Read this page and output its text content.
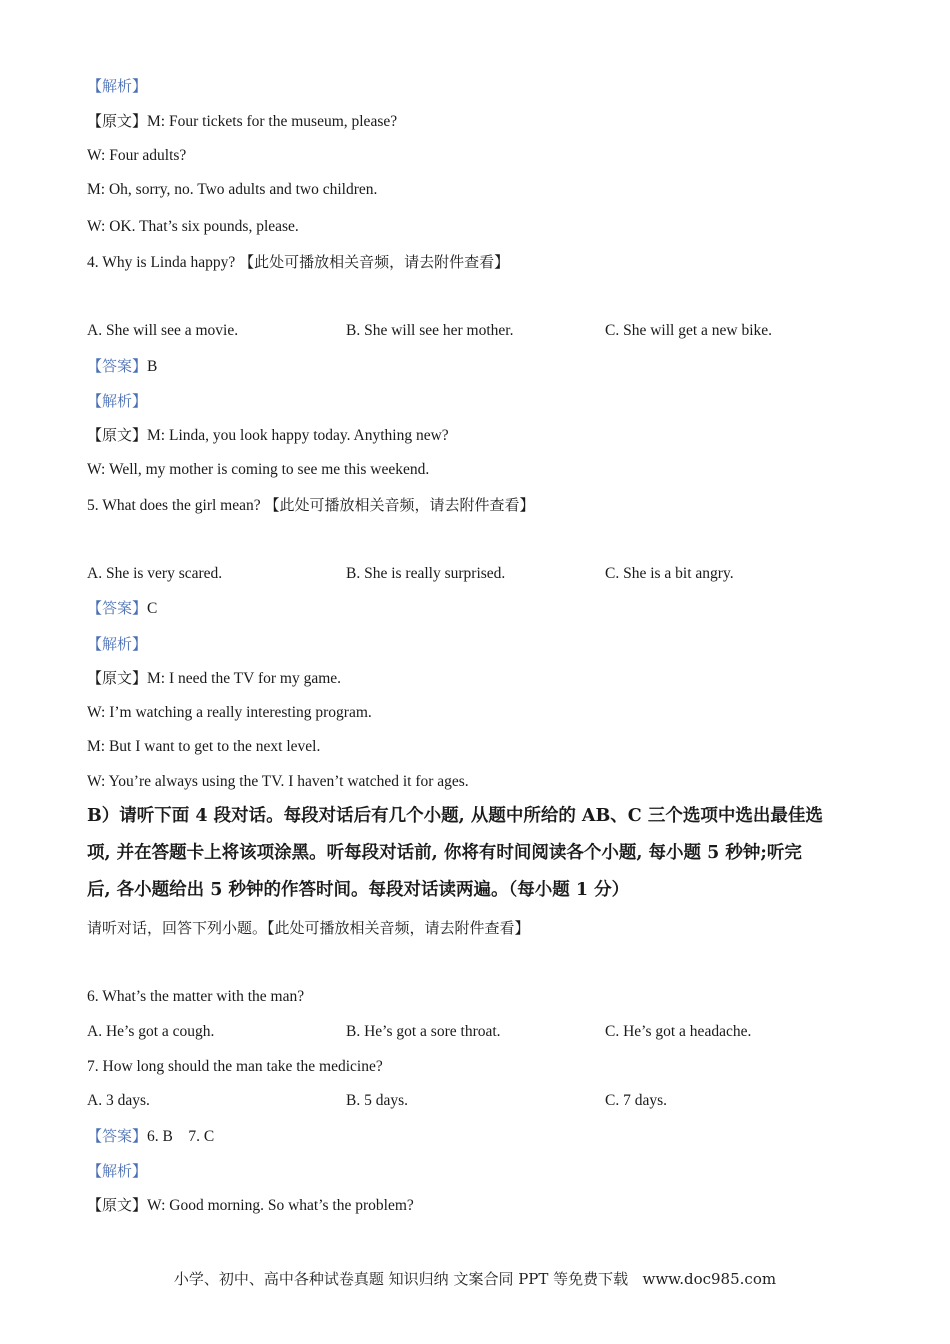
【解析】
【原文】M: Four tickets for the museum, please?
W: Four adults?
M: Oh, sorry, no. Two adults and two children.
W: OK. That’s six pounds, please.
4. Why is Linda happy? 【此处可播放相关音频，请去附件查看】
A. She will see a movie.	B. She will see her mother.	C. She will get a new bike.
【答案】B
【解析】
【原文】M: Linda, you look happy today. Anything new?
W: Well, my mother is coming to see me this weekend.
5. What does the girl mean? 【此处可播放相关音频，请去附件查看】
A. She is very scared.	B. She is really surprised.	C. She is a bit angry.
【答案】C
【解析】
【原文】M: I need the TV for my game.
W: I’m watching a really interesting program.
M: But I want to get to the next level.
W: You’re always using the TV. I haven’t watched it for ages.
B）请听下面 4 段对话。每段对话后有几个小题, 从题中所给的 AB、C 三个选项中选出最佳选
项, 并在答题卡上将该项涂黑。听每段对话前, 你将有时间阅读各个小题, 每小题 5 秒钟;听完
后, 各小题给出 5 秒钟的作答时间。每段对话读两遍。（每小题 1 分）
请听对话，回答下列小题。【此处可播放相关音频，请去附件查看】
6. What’s the matter with the man?
A. He’s got a cough.	B. He’s got a sore throat.	C. He’s got a headache.
7. How long should the man take the medicine?
A. 3 days.	B. 5 days.	C. 7 days.
【答案】6. B    7. C
【解析】
【原文】W: Good morning. So what’s the problem?
小学、初中、高中各种试卷真题 知识归纳 文案合同 PPT 等免费下载   www.doc985.com
